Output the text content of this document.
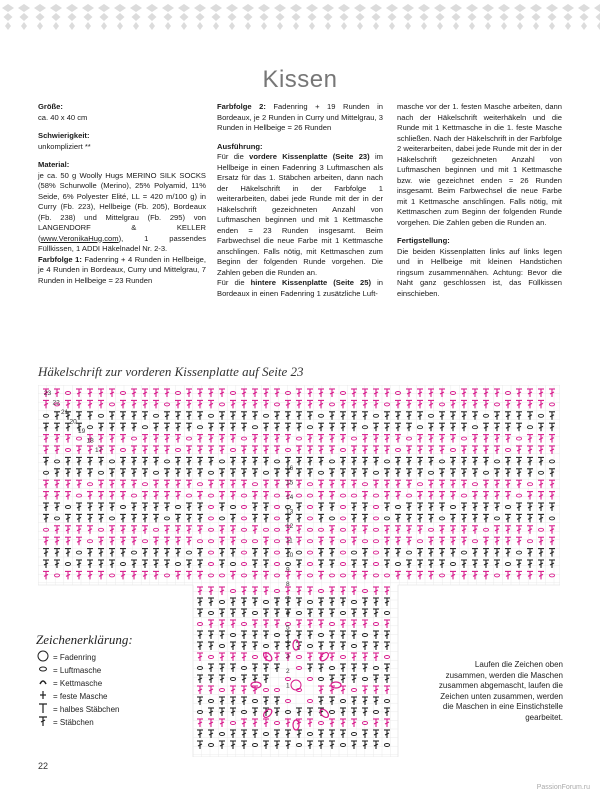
Kissen

Größe:

ca. 40 x 40 cm

Schwierigkeit:

unkompliziert **

Material:

je ca. 50 g Woolly Hugs MERINO SILK SOCKS (58% Schurwolle (Merino), 25% Polyamid, 11% Seide, 6% Polyester Elité, LL = 420 m/100 g) in Curry (Fb. 223), Hellbeige (Fb. 205), Bordeaux (Fb. 238) und Mittelgrau (Fb. 295) von LANGENDORF & KELLER (www.VeronikaHug.com), 1 passendes Füllkissen, 1 ADDI Häkelnadel Nr. 2-3.

Farbfolge 1: Fadenring + 4 Runden in Hellbeige, je 4 Runden in Bordeaux, Curry und Mittelgrau, 7 Runden in Hellbeige = 23 Runden

Farbfolge 2: Fadenring + 19 Runden in Bordeaux, je 2 Runden in Curry und Mittelgrau, 3 Runden in Hellbeige = 26 Runden

Ausführung:

Für die vordere Kissenplatte (Seite 23) im Hellbeige in einen Fadenring 3 Luftmaschen als Ersatz für das 1. Stäbchen arbeiten, dann nach der Häkelschrift in der Farbfolge 1 weiterarbeiten, dabei jede Runde mit der in der Häkelschrift gezeichneten Anzahl von Luftmaschen beginnen und mit 1 Kettmasche enden = 23 Runden insgesamt. Beim Farbwechsel die neue Farbe mit 1 Kettmasche anschlingen. Falls nötig, mit Kettmaschen zum Beginn der folgenden Runde vorgehen. Die Zahlen geben die Runden an.

Für die hintere Kissenplatte (Seite 25) in Bordeaux in einen Fadenring 1 zusätzliche Luft-

masche vor der 1. festen Masche arbeiten, dann nach der Häkelschrift weiterhäkeln und die Runde mit 1 Kettmasche in die 1. feste Masche schließen. Nach der Häkelschrift in der Farbfolge 2 weiterarbeiten, dabei jede Runde mit der in der Häkelschrift gezeichneten Anzahl von Luftmaschen beginnen und mit 1 Kettmasche bzw. wie gezeichnet enden = 26 Runden insgesamt. Beim Farbwechsel die neue Farbe mit 1 Kettmasche anschlingen. Falls nötig, mit Kettmaschen zum Beginn der folgenden Runde vorgehen. Die Zahlen geben die Runden an.

Fertigstellung:

Die beiden Kissenplatten links auf links legen und in Hellbeige mit kleinen Handstichen ringsum zusammennähen. Achtung: Bevor die Naht ganz geschlossen ist, das Füllkissen einschieben.

Häkelschrift zur vorderen Kissenplatte auf Seite 23

23
22
21
20
19
18
17
16
15
14
13
12
11
10
9
8
7
6
5
4
3
2
1
Zeichenerklärung:
= Fadenring
= Luftmasche
= Kettmasche
= feste Masche
= halbes Stäbchen
= Stäbchen
Laufen die Zeichen oben zusammen, werden die Maschen zusammen abgemascht, laufen die Zeichen unten zusammen, werden die Maschen in eine Einstichstelle gearbeitet.
22
PassionForum.ru
